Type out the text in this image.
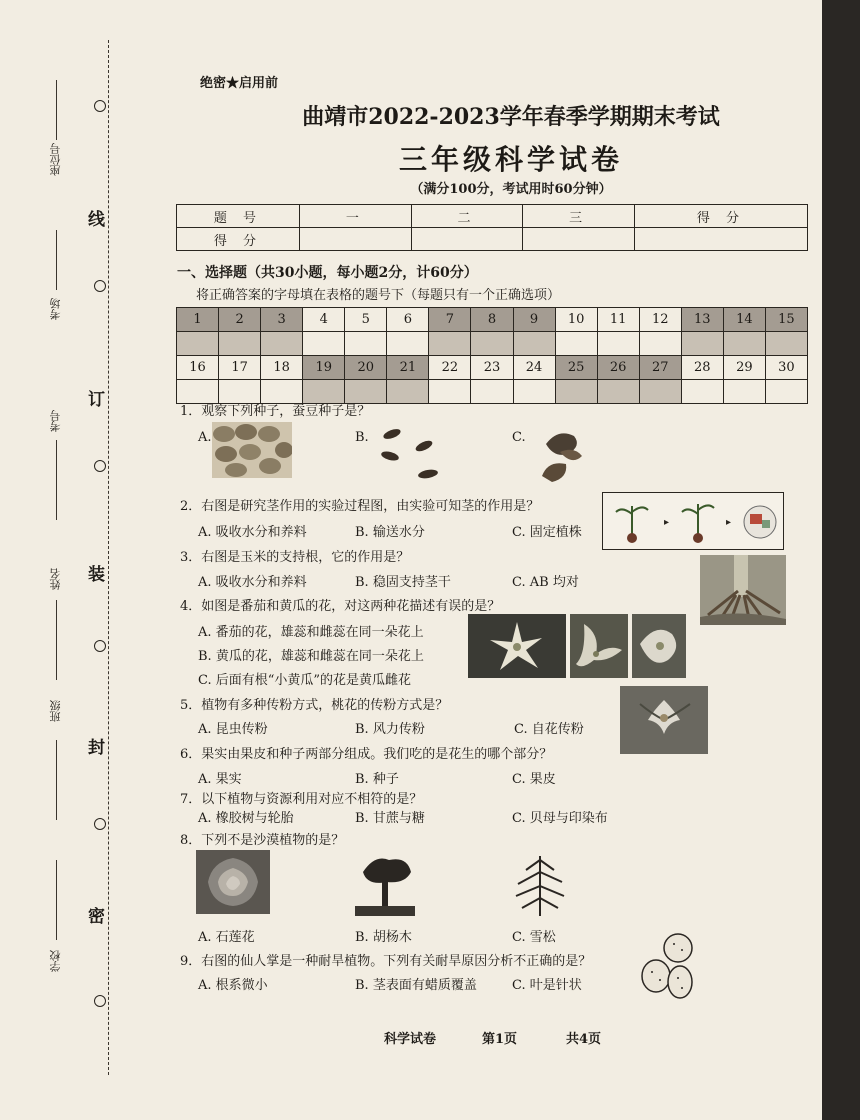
线
订
装
封
密
座位号
考场
考号
姓名
班级
学校
绝密★启用前
曲靖市2022-2023学年春季学期期末考试
三年级科学试卷
（满分100分，考试用时60分钟）
题 号	一	二	三	得 分
得 分				
一、选择题（共30小题，每小题2分，计60分）
将正确答案的字母填在表格的题号下（每题只有一个正确选项）
1	2	3	4	5	6	7	8	9	10	11	12	13	14	15

16	17	18	19	20	21	22	23	24	25	26	27	28	29	30

1．观察下列种子，蚕豆种子是？
A.	B.	C.
2．右图是研究茎作用的实验过程图，由实验可知茎的作用是？
A. 吸收水分和养料	B. 输送水分	C. 固定植株
▸	▸
3．右图是玉米的支持根，它的作用是？
A. 吸收水分和养料	B. 稳固支持茎干	C. AB 均对
4．如图是番茄和黄瓜的花，对这两种花描述有误的是？
A. 番茄的花，雄蕊和雌蕊在同一朵花上
B. 黄瓜的花，雄蕊和雌蕊在同一朵花上
C. 后面有根“小黄瓜”的花是黄瓜雌花
5．植物有多种传粉方式，桃花的传粉方式是？
A. 昆虫传粉	B. 风力传粉	C. 自花传粉
6．果实由果皮和种子两部分组成。我们吃的是花生的哪个部分？
A. 果实	B. 种子	C. 果皮
7．以下植物与资源利用对应不相符的是？
A. 橡胶树与轮胎	B. 甘蔗与糖	C. 贝母与印染布
8．下列不是沙漠植物的是？
A. 石莲花	B. 胡杨木	C. 雪松
9．右图的仙人掌是一种耐旱植物。下列有关耐旱原因分析不正确的是？
A. 根系微小	B. 茎表面有蜡质覆盖	C. 叶是针状
科学试卷	第1页	共4页
